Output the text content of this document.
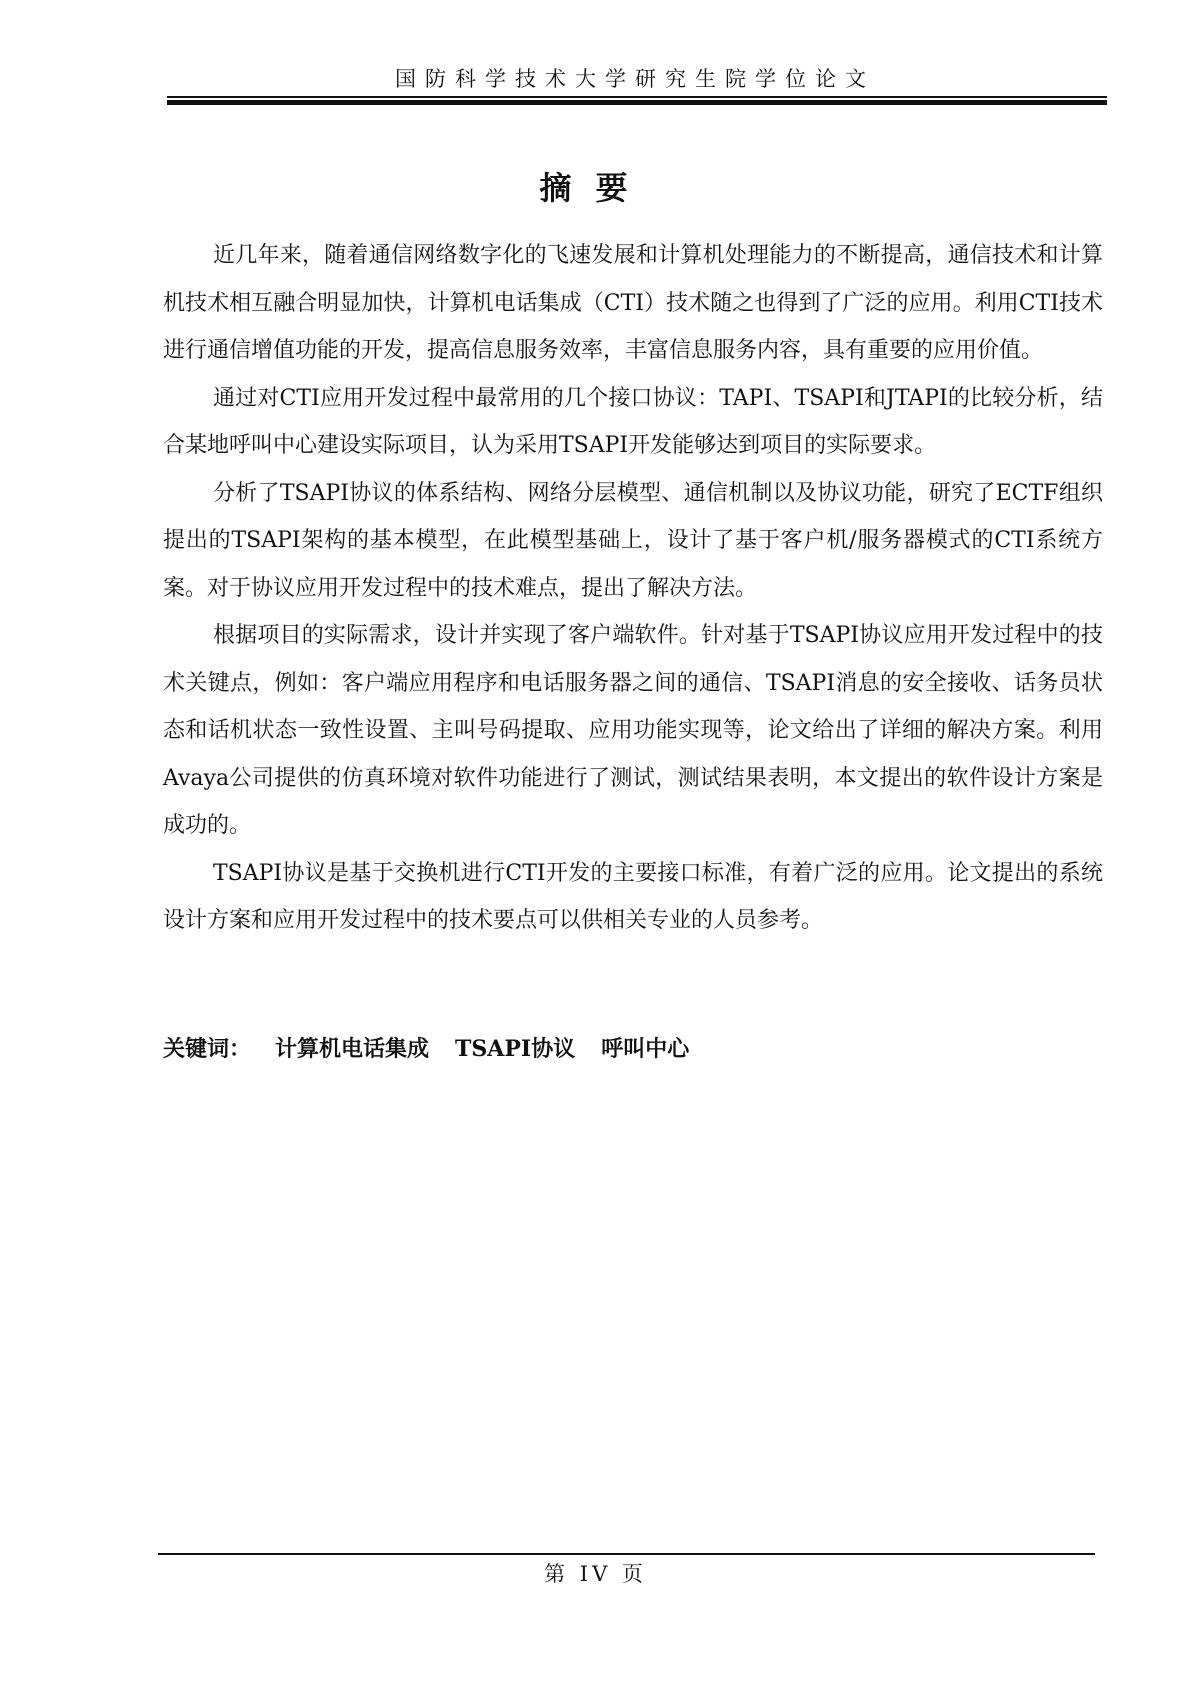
国防科学技术大学研究生院学位论文
摘要

近几年来，随着通信网络数字化的飞速发展和计算机处理能力的不断提高，通信技术和计算机技术相互融合明显加快，计算机电话集成（CTI）技术随之也得到了广泛的应用。利用CTI技术进行通信增值功能的开发，提高信息服务效率，丰富信息服务内容，具有重要的应用价值。

通过对CTI应用开发过程中最常用的几个接口协议：TAPI、TSAPI和JTAPI的比较分析，结合某地呼叫中心建设实际项目，认为采用TSAPI开发能够达到项目的实际要求。

分析了TSAPI协议的体系结构、网络分层模型、通信机制以及协议功能，研究了ECTF组织提出的TSAPI架构的基本模型，在此模型基础上，设计了基于客户机/服务器模式的CTI系统方案。对于协议应用开发过程中的技术难点，提出了解决方法。

根据项目的实际需求，设计并实现了客户端软件。针对基于TSAPI协议应用开发过程中的技术关键点，例如：客户端应用程序和电话服务器之间的通信、TSAPI消息的安全接收、话务员状态和话机状态一致性设置、主叫号码提取、应用功能实现等，论文给出了详细的解决方案。利用Avaya公司提供的仿真环境对软件功能进行了测试，测试结果表明，本文提出的软件设计方案是成功的。

TSAPI协议是基于交换机进行CTI开发的主要接口标准，有着广泛的应用。论文提出的系统设计方案和应用开发过程中的技术要点可以供相关专业的人员参考。

关键词： 计算机电话集成 TSAPI协议 呼叫中心
第 IV 页
